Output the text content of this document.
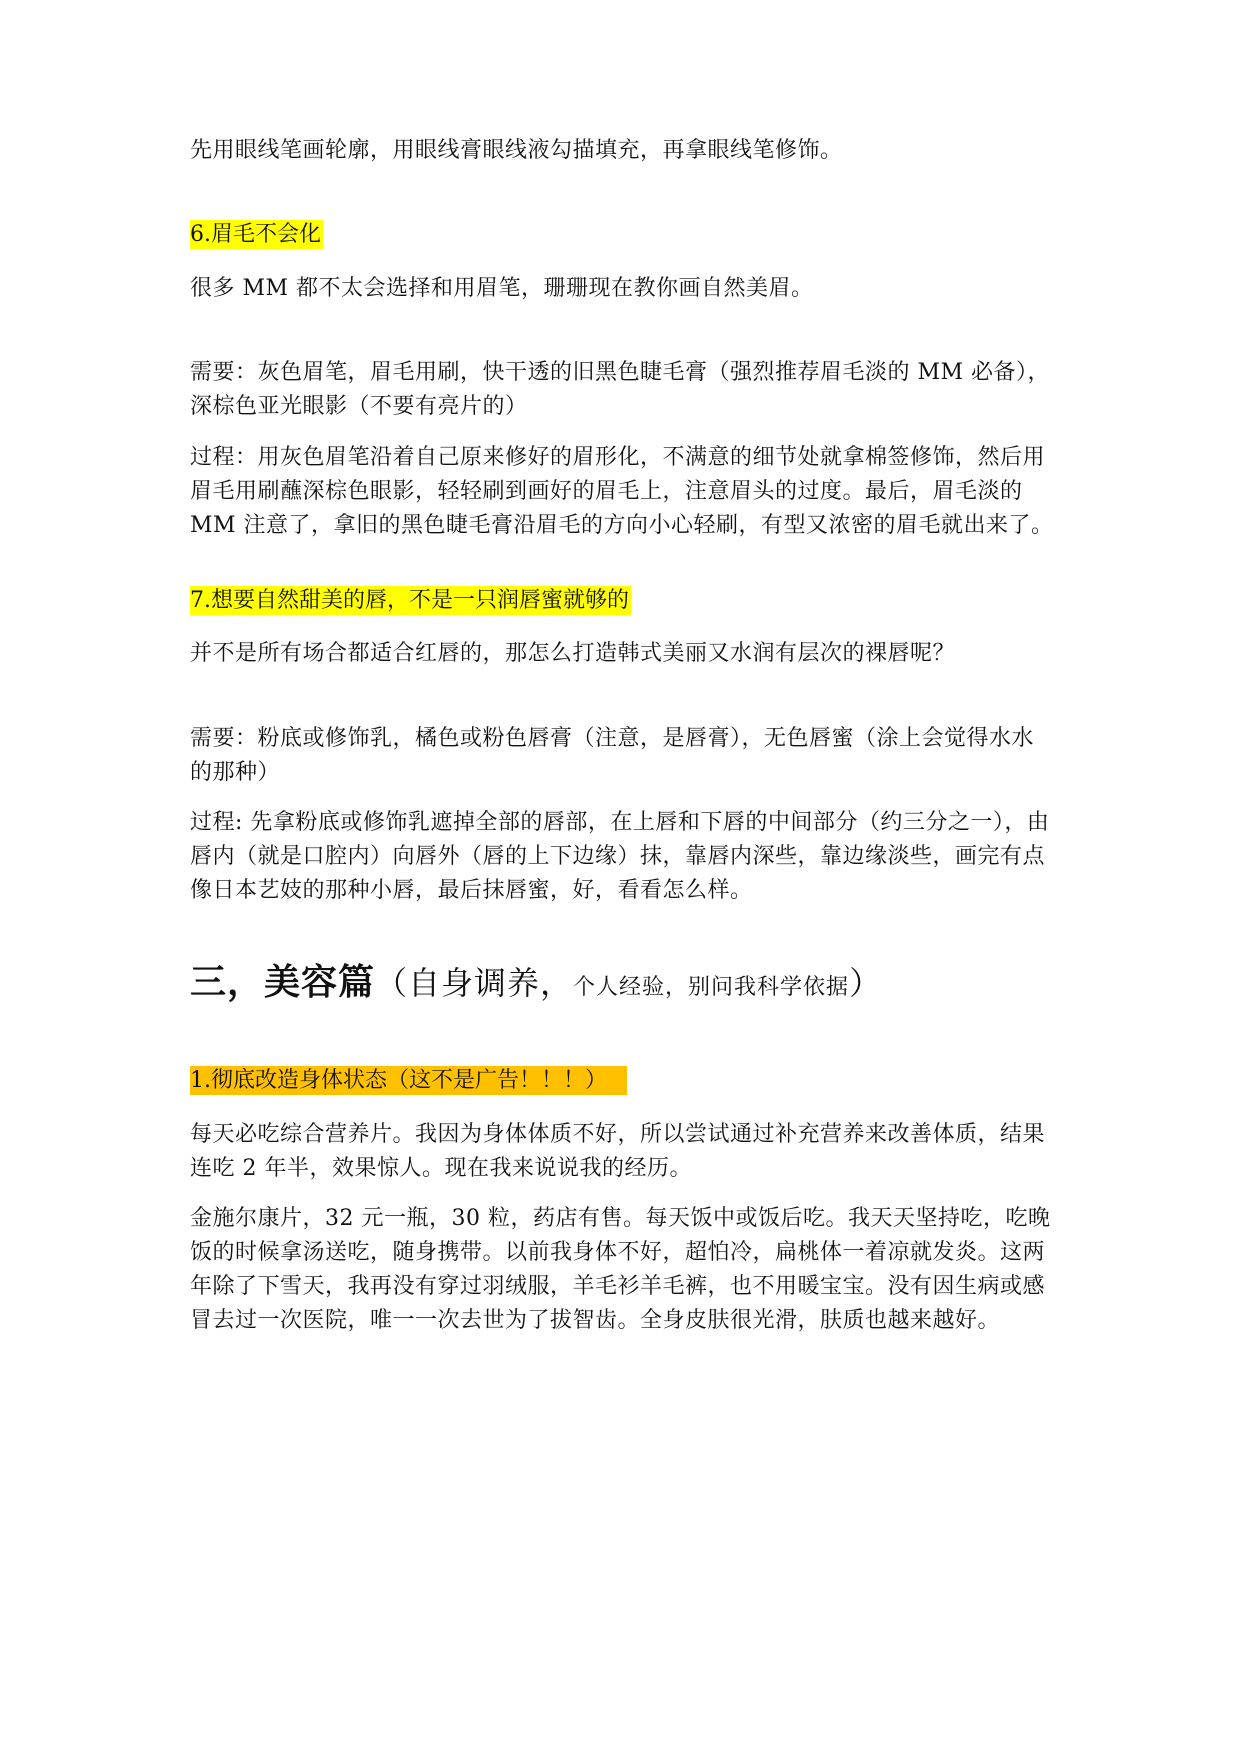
先用眼线笔画轮廓，用眼线膏眼线液勾描填充，再拿眼线笔修饰。

6.眉毛不会化

很多 MM 都不太会选择和用眉笔，珊珊现在教你画自然美眉。

需要：灰色眉笔，眉毛用刷，快干透的旧黑色睫毛膏（强烈推荐眉毛淡的 MM 必备），深棕色亚光眼影（不要有亮片的）

过程：用灰色眉笔沿着自己原来修好的眉形化，不满意的细节处就拿棉签修饰，然后用眉毛用刷蘸深棕色眼影，轻轻刷到画好的眉毛上，注意眉头的过度。最后，眉毛淡的 MM 注意了，拿旧的黑色睫毛膏沿眉毛的方向小心轻刷，有型又浓密的眉毛就出来了。

7.想要自然甜美的唇，不是一只润唇蜜就够的

并不是所有场合都适合红唇的，那怎么打造韩式美丽又水润有层次的裸唇呢？

需要：粉底或修饰乳，橘色或粉色唇膏（注意，是唇膏），无色唇蜜（涂上会觉得水水的那种）

过程: 先拿粉底或修饰乳遮掉全部的唇部，在上唇和下唇的中间部分（约三分之一），由唇内（就是口腔内）向唇外（唇的上下边缘）抹，靠唇内深些，靠边缘淡些，画完有点像日本艺妓的那种小唇，最后抹唇蜜，好，看看怎么样。

三，美容篇（自身调养，个人经验，别问我科学依据）

1.彻底改造身体状态（这不是广告！！！）

每天必吃综合营养片。我因为身体体质不好，所以尝试通过补充营养来改善体质，结果连吃 2 年半，效果惊人。现在我来说说我的经历。

金施尔康片，32 元一瓶，30 粒，药店有售。每天饭中或饭后吃。我天天坚持吃，吃晚饭的时候拿汤送吃，随身携带。以前我身体不好，超怕冷，扁桃体一着凉就发炎。这两年除了下雪天，我再没有穿过羽绒服，羊毛衫羊毛裤，也不用暖宝宝。没有因生病或感冒去过一次医院，唯一一次去世为了拔智齿。全身皮肤很光滑，肤质也越来越好。
